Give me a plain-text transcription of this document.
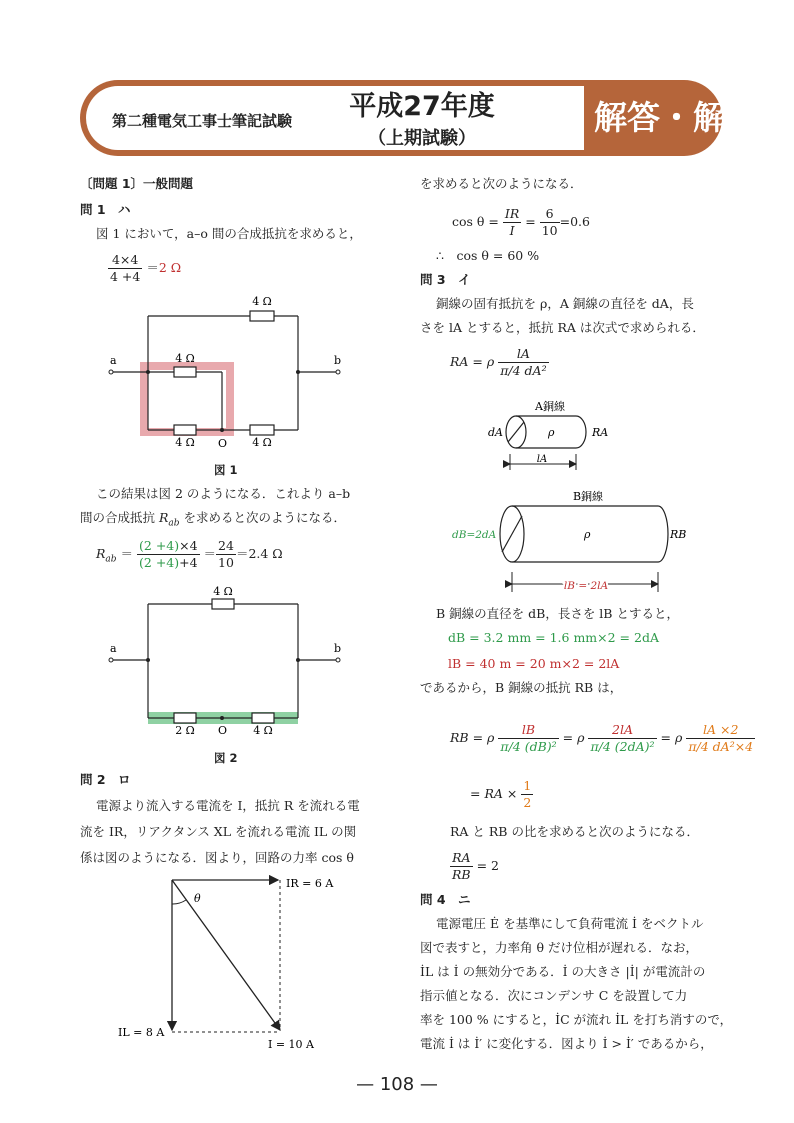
第二種電気工事士筆記試験	平成27年度
（上期試験）
解答・解説
〔問題 1〕一般問題
問 1　ハ
図 1 において，a–o 間の合成抵抗を求めると，
$\frac{4\times 4}{4 +4} =2$ Ω
4 Ω
4 Ω
4 Ω	4 Ω
a	b
O
図 1
この結果は図 2 のようになる．これより a–b
間の合成抵抗 $R_{ab}$ を求めると次のようになる．
$R_{ab} = \frac{(2 +4)\times 4}{(2 +4)+4} = \frac{24}{10} =2.4$ Ω
4 Ω
2 Ω	4 Ω
a	b
O
図 2
問 2　ロ
電源より流入する電流を I，抵抗 R を流れる電
流を IR，リアクタンス XL を流れる電流 IL の関
係は図のようになる．図より，回路の力率 cos θ
θ
IR = 6 A
IL = 8 A
I = 10 A
を求めると次のようになる．
$\cos \theta = \frac{IR}{I} = \frac{6}{10} =0.6$
∴　cos θ = 60 %
問 3　イ
銅線の固有抵抗を ρ，A 銅線の直径を dA，長
さを lA とすると，抵抗 RA は次式で求められる．
RA = ρ $\frac{lA}{\text{π/4 dA²}}$
A銅線
ρ
dA	RA
lA
B銅線
ρ
dB=2dA	RB
lB = 2lA
B 銅線の直径を dB，長さを lB とすると，
dB = 3.2 mm = 1.6 mm×2 = 2dA
lB = 40 m = 20 m×2 = 2lA
であるから，B 銅線の抵抗 RB は，
RB = ρ $\frac{lB}{\text{π/4 (dB)²}} = \rho \frac{2lA}{\text{π/4 (2dA)²}} = \rho \frac{lA \times 2}{\text{π/4 dA²×4}}$
= RA × $\frac{1}{2}$
RA と RB の比を求めると次のようになる．
$\frac{RA}{RB} = 2$
問 4　ニ
電源電圧 Ė を基準にして負荷電流 İ をベクトル
図で表すと，力率角 θ だけ位相が遅れる．なお，
İL は İ の無効分である．İ の大きさ |İ| が電流計の
指示値となる．次にコンデンサ C を設置して力
率を 100 % にすると，İC が流れ İL を打ち消すので，
電流 İ は İ′ に変化する．図より İ > İ′ であるから，
— 108 —
